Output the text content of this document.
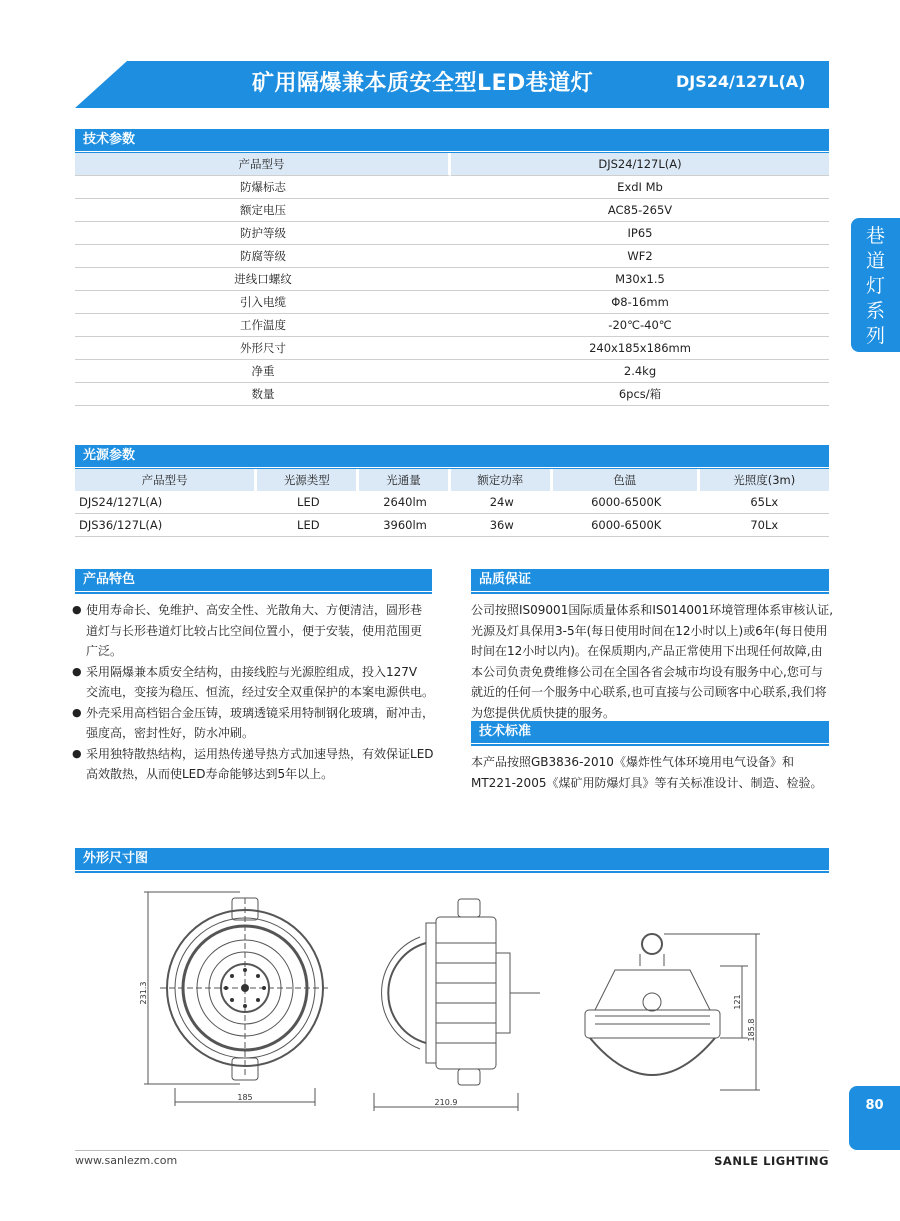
矿用隔爆兼本质安全型LED巷道灯	DJS24/127L(A)
巷
道
灯
系
列
80
技术参数
产品型号	DJS24/127L(A)
防爆标志	ExdI Mb
额定电压	AC85-265V
防护等级	IP65
防腐等级	WF2
进线口螺纹	M30x1.5
引入电缆	Φ8-16mm
工作温度	-20℃-40℃
外形尺寸	240x185x186mm
净重	2.4kg
数量	6pcs/箱
光源参数
产品型号	光源类型	光通量	额定功率	色温	光照度(3m)
DJS24/127L(A)	LED	2640lm	24w	6000-6500K	65Lx
DJS36/127L(A)	LED	3960lm	36w	6000-6500K	70Lx
产品特色
● 使用寿命长、免维护、高安全性、光散角大、方便清洁，圆形巷
道灯与长形巷道灯比较占比空间位置小，便于安装，使用范围更
广泛。
● 采用隔爆兼本质安全结构，由接线腔与光源腔组成，投入127V
交流电，变接为稳压、恒流，经过安全双重保护的本案电源供电。
● 外壳采用高档铝合金压铸，玻璃透镜采用特制钢化玻璃，耐冲击，
强度高，密封性好，防水冲刷。
● 采用独特散热结构，运用热传递导热方式加速导热，有效保证LED
高效散热，从而使LED寿命能够达到5年以上。
品质保证
公司按照IS09001国际质量体系和IS014001环境管理体系审核认证,
光源及灯具保用3-5年(每日使用时间在12小时以上)或6年(每日使用
时间在12小时以内)。在保质期内,产品正常使用下出现任何故障,由
本公司负责免费维修公司在全国各省会城市均设有服务中心,您可与
就近的任何一个服务中心联系,也可直接与公司顾客中心联系,我们将
为您提供优质快捷的服务。
技术标准
本产品按照GB3836-2010《爆炸性气体环境用电气设备》和
MT221-2005《煤矿用防爆灯具》等有关标准设计、制造、检验。
外形尺寸图
231.3
185
210.9
121
185.8
www.sanlezm.com	SANLE LIGHTING
